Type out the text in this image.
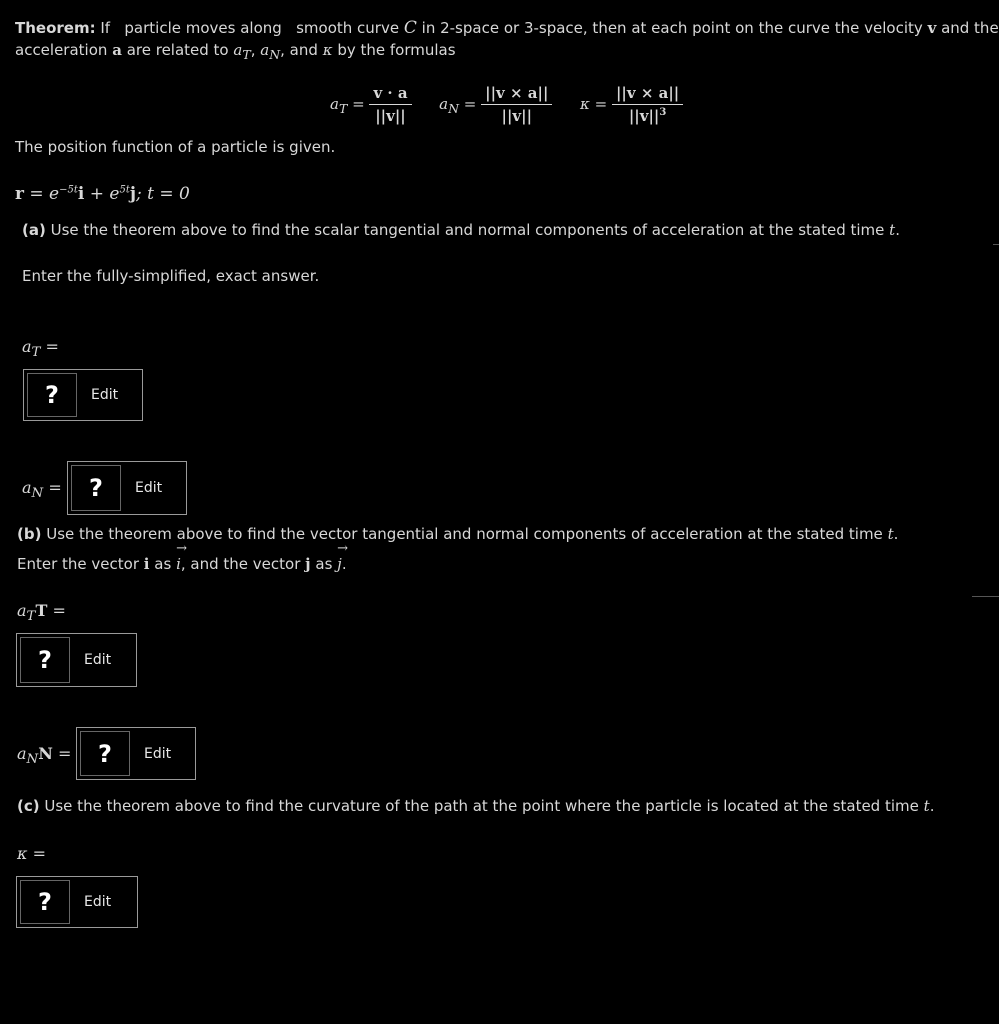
Theorem: If particle moves along smooth curve C in 2-space or 3-space, then at each point on the curve the velocity v and the
acceleration a are related to $a_T$, $a_N$, and κ by the formulas
$a_T = \frac{v \cdot a}{||v||} a_N = \frac{||v \times a||}{||v||}$ $\kappa = \frac{||v \times a||}{||v||^3}$
The position function of a particle is given.
$r = e^{-5t}i + e^{5t}j$; t = 0
(a) Use the theorem above to find the scalar tangential and normal components of acceleration at the stated time t.
Enter the fully-simplified, exact answer.
$a_T$ =
?	Edit
$a_N$ =	?	Edit
(b) Use the theorem above to find the vector tangential and normal components of acceleration at the stated time t.
Enter the vector i as
→
i, and the vector j as
→
j.
$a_TT$ =
?	Edit
$a_NN$ =	?	Edit
(c) Use the theorem above to find the curvature of the path at the point where the particle is located at the stated time t.
κ =
?	Edit
